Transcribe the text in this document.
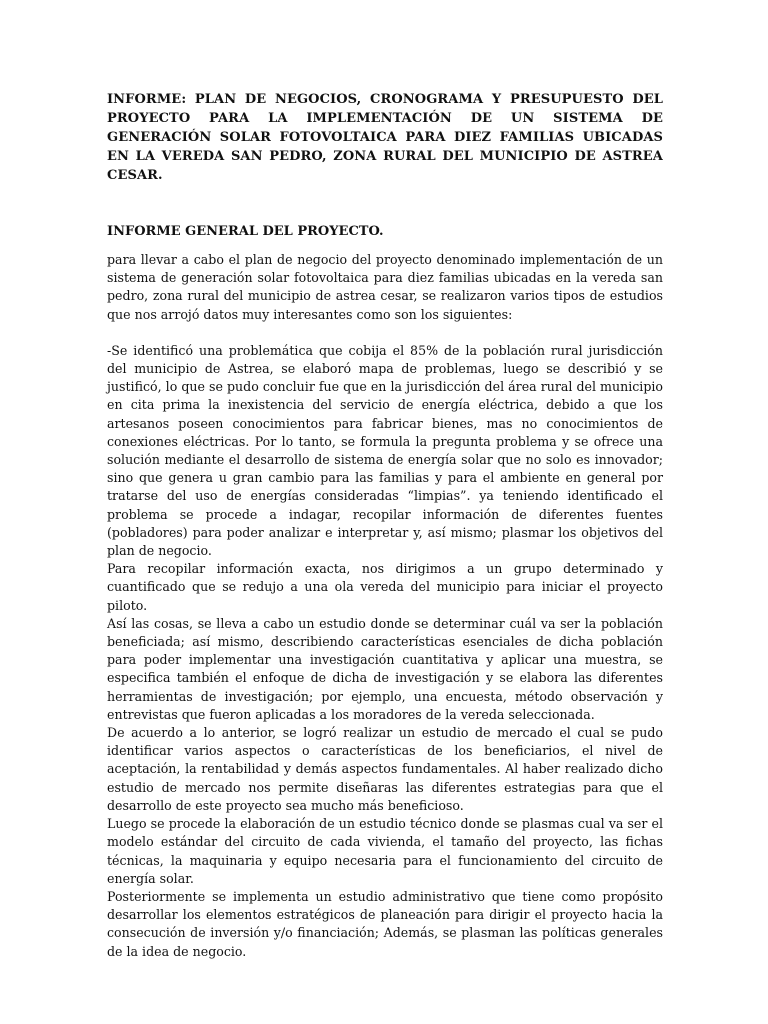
INFORME: PLAN DE NEGOCIOS, CRONOGRAMA Y PRESUPUESTO DEL PROYECTO PARA LA IMPLEMENTACIÓN DE UN SISTEMA DE GENERACIÓN SOLAR FOTOVOLTAICA PARA DIEZ FAMILIAS UBICADAS EN LA VEREDA SAN PEDRO, ZONA RURAL DEL MUNICIPIO DE ASTREA CESAR.
INFORME GENERAL DEL PROYECTO.

para llevar a cabo el plan de negocio del proyecto denominado implementación de un sistema de generación solar fotovoltaica para diez familias ubicadas en la vereda san pedro, zona rural del municipio de astrea cesar, se realizaron varios tipos de estudios que nos arrojó datos muy interesantes como son los siguientes:

-Se identificó una problemática que cobija el 85% de la población rural jurisdicción del municipio de Astrea, se elaboró mapa de problemas, luego se describió y se justificó, lo que se pudo concluir fue que en la jurisdicción del área rural del municipio en cita prima la inexistencia del servicio de energía eléctrica, debido a que los artesanos poseen conocimientos para fabricar bienes, mas no conocimientos de conexiones eléctricas. Por lo tanto, se formula la pregunta problema y se ofrece una solución mediante el desarrollo de sistema de energía solar que no solo es innovador; sino que genera u gran cambio para las familias y para el ambiente en general por tratarse del uso de energías consideradas “limpias”. ya teniendo identificado el problema se procede a indagar, recopilar información de diferentes fuentes (pobladores) para poder analizar e interpretar y, así mismo; plasmar los objetivos del plan de negocio.

Para recopilar información exacta, nos dirigimos a un grupo determinado y cuantificado que se redujo a una ola vereda del municipio para iniciar el proyecto piloto.

Así las cosas, se lleva a cabo un estudio donde se determinar cuál va ser la población beneficiada; así mismo, describiendo características esenciales de dicha población para poder implementar una investigación cuantitativa y aplicar una muestra, se especifica también el enfoque de dicha de investigación y se elabora las diferentes herramientas de investigación; por ejemplo, una encuesta, método observación y entrevistas que fueron aplicadas a los moradores de la vereda seleccionada.

De acuerdo a lo anterior, se logró realizar un estudio de mercado el cual se pudo identificar varios aspectos o características de los beneficiarios, el nivel de aceptación, la rentabilidad y demás aspectos fundamentales. Al haber realizado dicho estudio de mercado nos permite diseñaras las diferentes estrategias para que el desarrollo de este proyecto sea mucho más beneficioso.

Luego se procede la elaboración de un estudio técnico donde se plasmas cual va ser el modelo estándar del circuito de cada vivienda, el tamaño del proyecto, las fichas técnicas, la maquinaria y equipo necesaria para el funcionamiento del circuito de energía solar.

Posteriormente se implementa un estudio administrativo que tiene como propósito desarrollar los elementos estratégicos de planeación para dirigir el proyecto hacia la consecución de inversión y/o financiación; Además, se plasman las políticas generales de la idea de negocio.
